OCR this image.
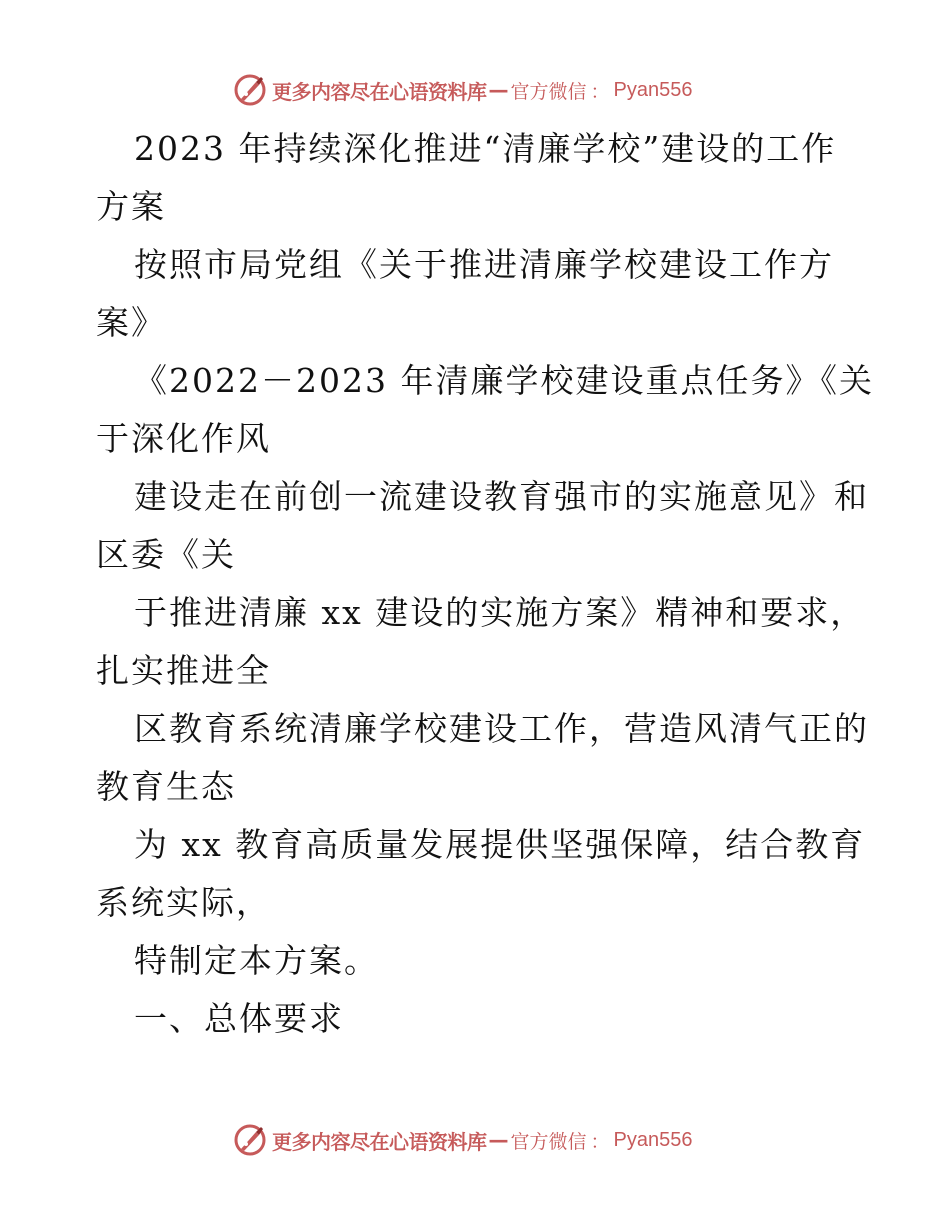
更多内容尽在心语资料库 — 官方微信 ： Pyan556
2023 年持续深化推进“清廉学校”建设的工作
方案
按照市局党组《关于推进清廉学校建设工作方
案》
《2022－2023 年清廉学校建设重点任务》《关
于深化作风
建设走在前创一流建设教育强市的实施意见》和
区委《关
于推进清廉 xx 建设的实施方案》精神和要求，
扎实推进全
区教育系统清廉学校建设工作，营造风清气正的
教育生态
为 xx 教育高质量发展提供坚强保障，结合教育
系统实际，
特制定本方案。
一、总体要求
更多内容尽在心语资料库 — 官方微信 ： Pyan556
